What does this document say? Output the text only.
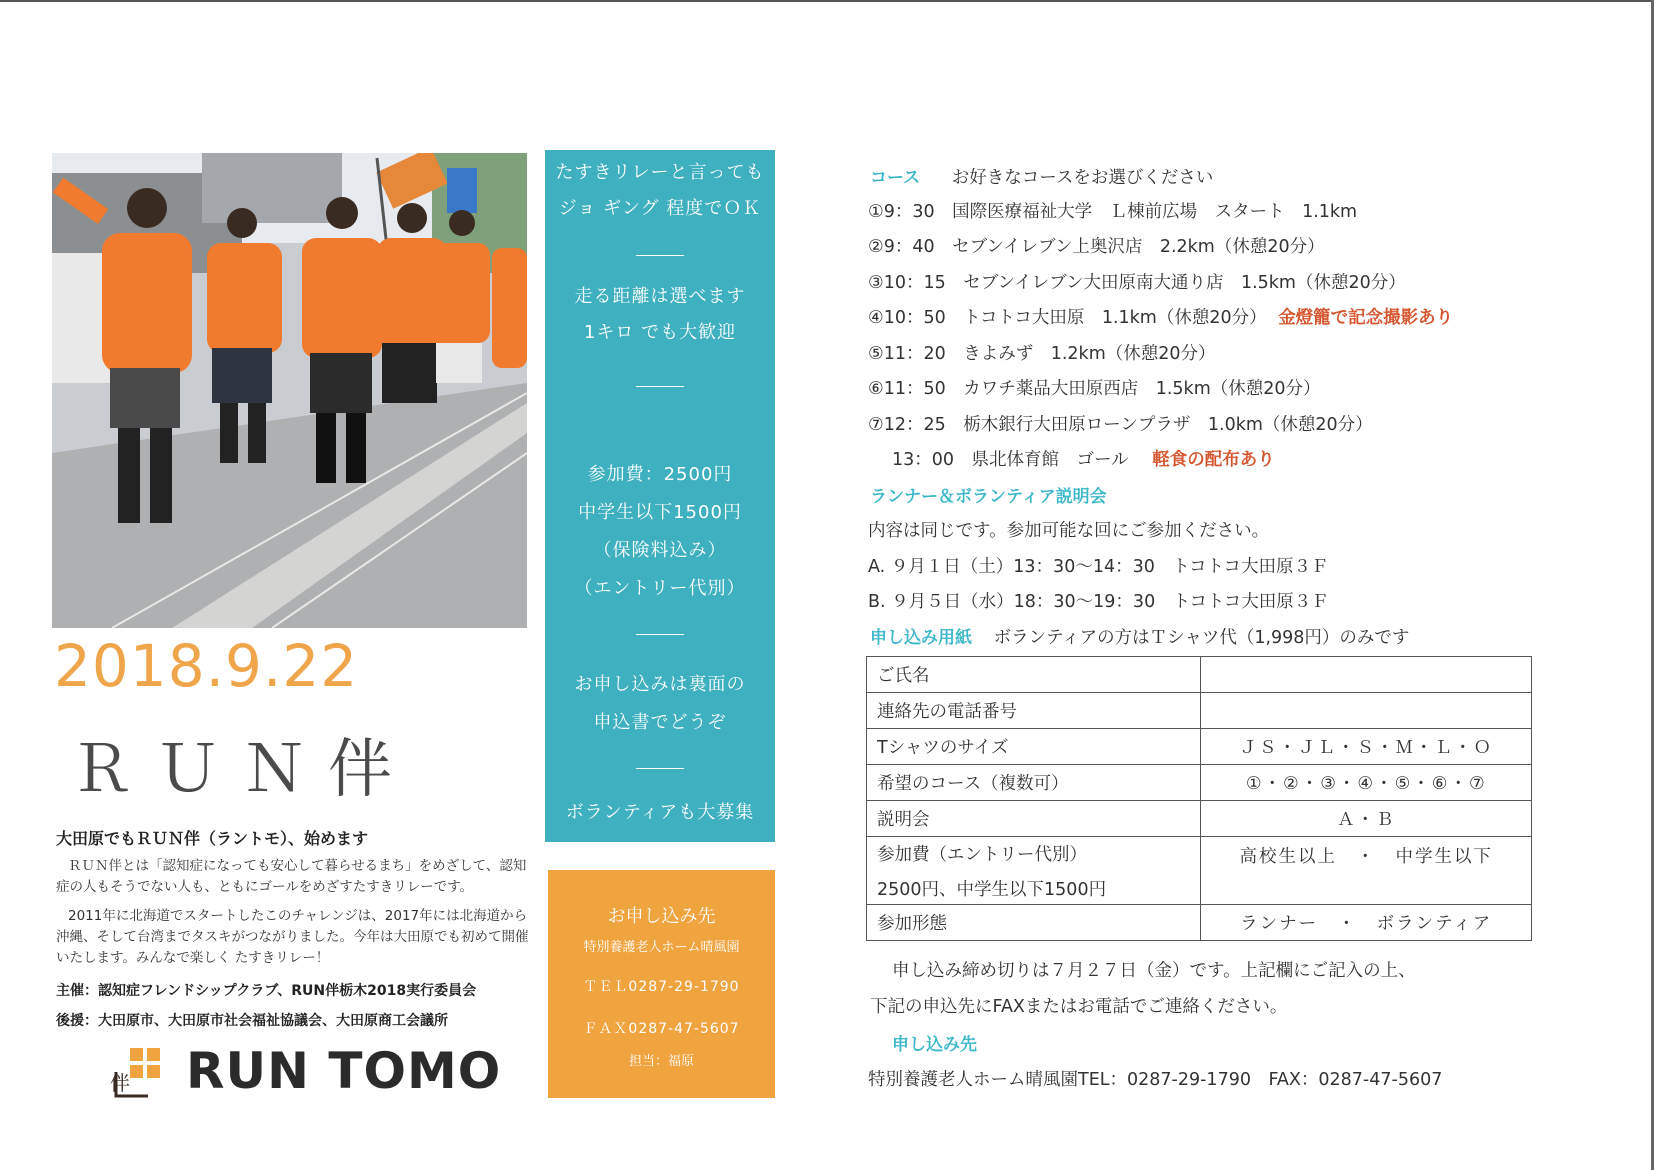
2018.9.22
ＲＵＮ伴
大田原でもＲＵＮ伴（ラントモ）、始めます
ＲＵＮ伴とは「認知症になっても安心して暮らせるまち」をめざして、認知症の人もそうでない人も、ともにゴールをめざすたすきリレーです。
2011年に北海道でスタートしたこのチャレンジは、2017年には北海道から沖縄、そして台湾までタスキがつながりました。今年は大田原でも初めて開催いたします。みんなで楽しく たすきリレー！
主催：認知症フレンドシップクラブ、RUN伴栃木2018実行委員会
後援：大田原市、大田原市社会福祉協議会、大田原商工会議所
伴 RUN TOMO
たすきリレーと言っても
ジョ ギング 程度でＯＫ
走る距離は選べます
1キロ でも大歓迎
参加費：2500円
中学生以下1500円
（保険料込み）
（エントリー代別）
お申し込みは裏面の
申込書でどうぞ
ボランティアも大募集
お申し込み先
特別養護老人ホーム晴風園
ＴＥＬ0287-29-1790
ＦＡＸ0287-47-5607
担当：福原
コース お好きなコースをお選びください
①9：30　国際医療福祉大学　Ｌ棟前広場　スタート　1.1km
②9：40　セブンイレブン上奥沢店　2.2km（休憩20分）
③10：15　セブンイレブン大田原南大通り店　1.5km（休憩20分）
④10：50　トコトコ大田原　1.1km（休憩20分） 金燈籠で記念撮影あり
⑤11：20　きよみず　1.2km（休憩20分）
⑥11：50　カワチ薬品大田原西店　1.5km（休憩20分）
⑦12：25　栃木銀行大田原ローンプラザ　1.0km（休憩20分）
13：00　県北体育館　ゴール 軽食の配布あり
ランナー＆ボランティア説明会
内容は同じです。参加可能な回にご参加ください。
A. ９月１日（土）13：30～14：30　トコトコ大田原３Ｆ
B. ９月５日（水）18：30～19：30　トコトコ大田原３Ｆ
申し込み用紙 ボランティアの方はＴシャツ代（1,998円）のみです
ご氏名	
連絡先の電話番号	
Tシャツのサイズ	ＪＳ・ＪＬ・Ｓ・Ｍ・Ｌ・Ｏ
希望のコース（複数可）	①・②・③・④・⑤・⑥・⑦
説明会	Ａ・Ｂ

参加費（エントリー代別）
2500円、中学生以下1500円	高校生以上　・　中学生以下
参加形態	ランナー　・　ボランティア
申し込み締め切りは７月２７日（金）です。上記欄にご記入の上、
下記の申込先にFAXまたはお電話でご連絡ください。
申し込み先
特別養護老人ホーム晴風園TEL：0287-29-1790　FAX：0287-47-5607
